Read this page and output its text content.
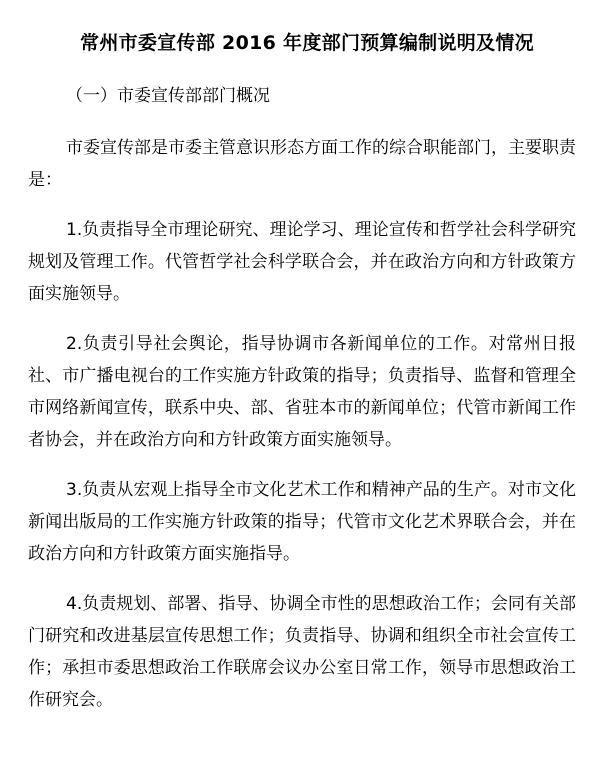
常州市委宣传部 2016 年度部门预算编制说明及情况

（一）市委宣传部部门概况

市委宣传部是市委主管意识形态方面工作的综合职能部门，主要职责是：

1.负责指导全市理论研究、理论学习、理论宣传和哲学社会科学研究规划及管理工作。代管哲学社会科学联合会，并在政治方向和方针政策方面实施领导。

2.负责引导社会舆论，指导协调市各新闻单位的工作。对常州日报社、市广播电视台的工作实施方针政策的指导；负责指导、监督和管理全市网络新闻宣传，联系中央、部、省驻本市的新闻单位；代管市新闻工作者协会，并在政治方向和方针政策方面实施领导。

3.负责从宏观上指导全市文化艺术工作和精神产品的生产。对市文化新闻出版局的工作实施方针政策的指导；代管市文化艺术界联合会，并在政治方向和方针政策方面实施指导。

4.负责规划、部署、指导、协调全市性的思想政治工作；会同有关部门研究和改进基层宣传思想工作；负责指导、协调和组织全市社会宣传工作；承担市委思想政治工作联席会议办公室日常工作，领导市思想政治工作研究会。
